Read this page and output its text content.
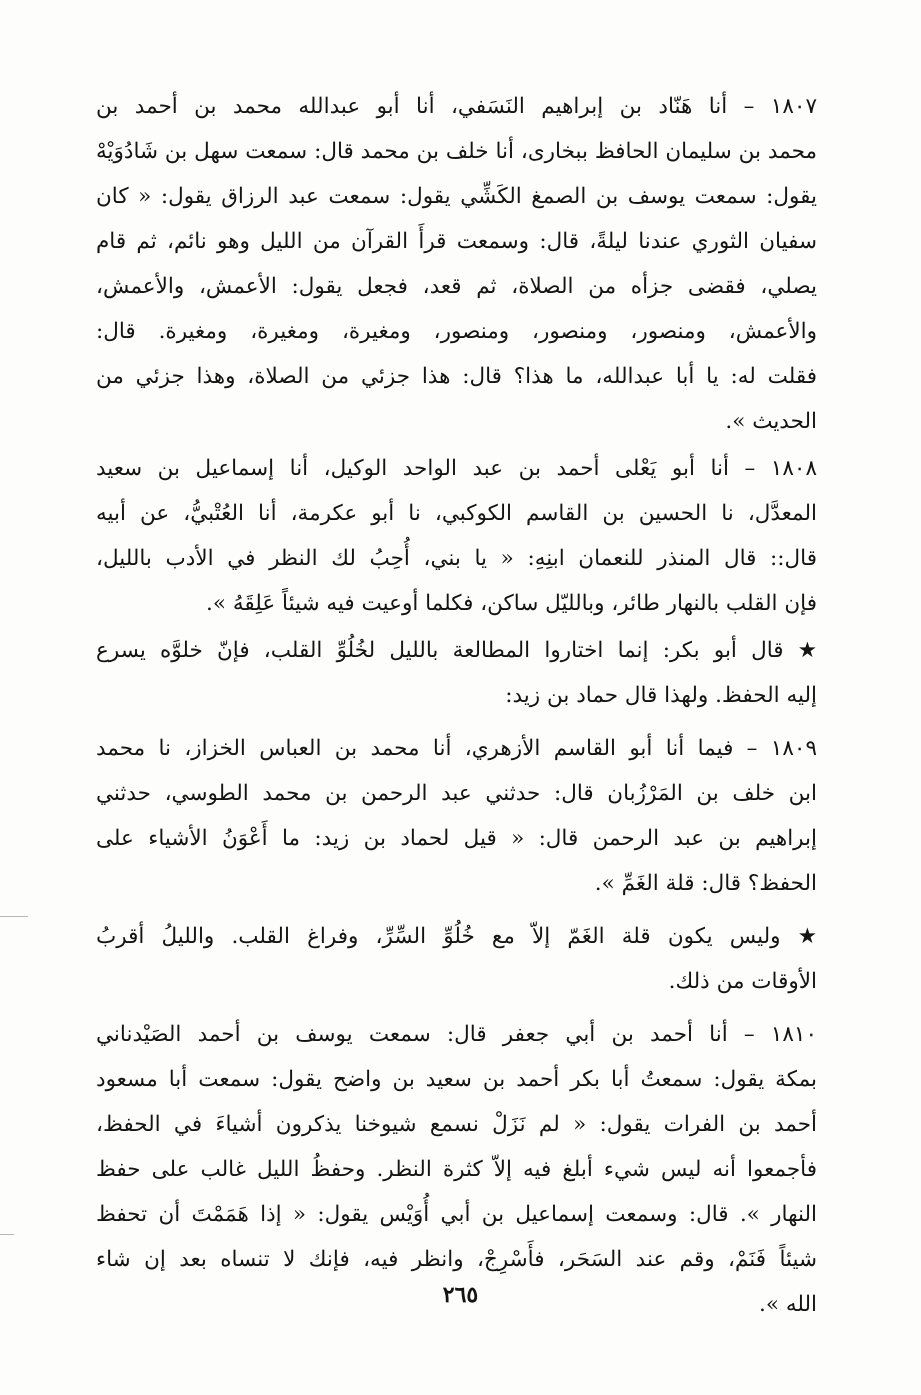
١٨٠٧ – أنا هَنّاد بن إبراهيم النَسَفي، أنا أبو عبدالله محمد بن أحمد بن
محمد بن سليمان الحافظ ببخارى، أنا خلف بن محمد قال: سمعت سهل بن شَادُوَيْهْ
يقول: سمعت يوسف بن الصمغ الكَشِّي يقول: سمعت عبد الرزاق يقول: « كان
سفيان الثوري عندنا ليلةً، قال: وسمعت قرأَ القرآن من الليل وهو نائم، ثم قام
يصلي، فقضى جزأه من الصلاة، ثم قعد، فجعل يقول: الأعمش، والأعمش،
والأعمش، ومنصور، ومنصور، ومنصور، ومغيرة، ومغيرة، ومغيرة. قال:
فقلت له: يا أبا عبدالله، ما هذا؟ قال: هذا جزئي من الصلاة، وهذا جزئي من
الحديث ».
١٨٠٨ – أنا أبو يَعْلى أحمد بن عبد الواحد الوكيل، أنا إسماعيل بن سعيد
المعدَّل، نا الحسين بن القاسم الكوكبي، نا أبو عكرمة، أنا العُتْبيُّ، عن أبيه
قال:: قال المنذر للنعمان ابنِهِ: « يا بني، أُحِبُ لك النظر في الأدب بالليل،
فإن القلب بالنهار طائر، وبالليّل ساكن، فكلما أوعيت فيه شيئاً عَلِقَهُ ».
★ قال أبو بكر: إنما اختاروا المطالعة بالليل لخُلُوِّ القلب، فإنّ خلوَّه يسرع
إليه الحفظ. ولهذا قال حماد بن زيد:
١٨٠٩ – فيما أنا أبو القاسم الأزهري، أنا محمد بن العباس الخزاز، نا محمد
ابن خلف بن المَرْزُبان قال: حدثني عبد الرحمن بن محمد الطوسي، حدثني
إبراهيم بن عبد الرحمن قال: « قيل لحماد بن زيد: ما أَعْوَنُ الأشياء على
الحفظ؟ قال: قلة الغَمِّ ».
★ وليس يكون قلة الغَمّ إلاّ مع خُلُوِّ السِّرِّ، وفراغ القلب. والليلُ أقربُ
الأوقات من ذلك.
١٨١٠ – أنا أحمد بن أبي جعفر قال: سمعت يوسف بن أحمد الصَيْدناني
بمكة يقول: سمعتُ أبا بكر أحمد بن سعيد بن واضح يقول: سمعت أبا مسعود
أحمد بن الفرات يقول: « لم نَزَلْ نسمع شيوخنا يذكرون أشياءَ في الحفظ،
فأجمعوا أنه ليس شيء أبلغ فيه إلاّ كثرة النظر. وحفظُ الليل غالب على حفظ
النهار ». قال: وسمعت إسماعيل بن أبي أُوَيْس يقول: « إذا هَمَمْتَ أن تحفظ
شيئاً فَنَمْ، وقم عند السَحَر، فأَسْرِجْ، وانظر فيه، فإنك لا تنساه بعد إن شاء
الله ».
٢٦٥
